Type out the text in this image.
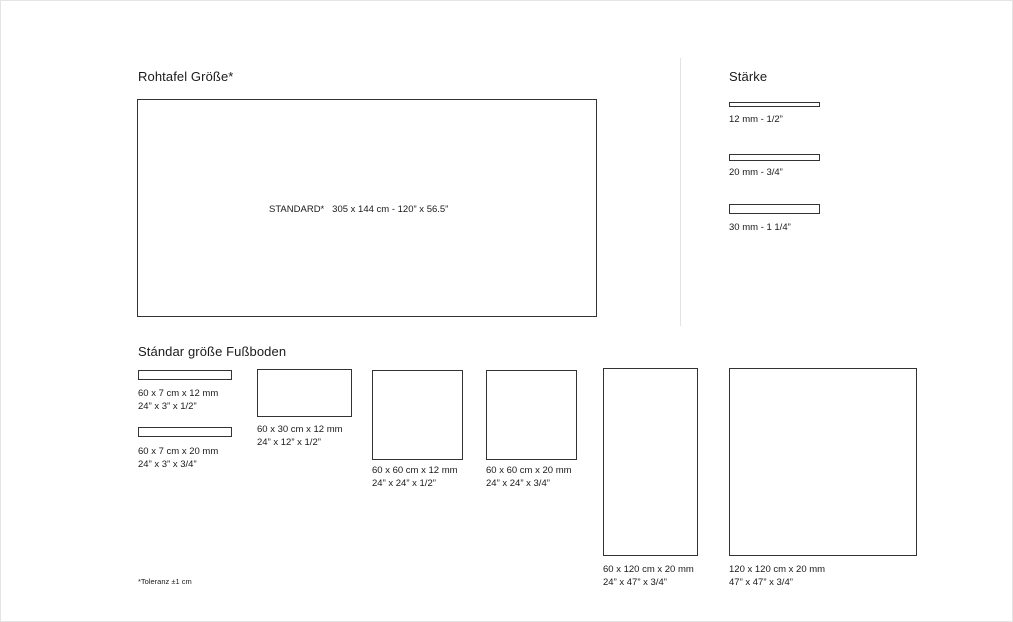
Rohtafel Größe*
STANDARD* 305 x 144 cm - 120” x 56.5”
Stärke
12 mm - 1/2”
20 mm - 3/4”
30 mm - 1 1/4”
Stándar größe Fußboden
60 x 7 cm x 12 mm
24” x 3” x 1/2”
60 x 7 cm x 20 mm
24” x 3” x 3/4”
60 x 30 cm x 12 mm
24” x 12” x 1/2”
60 x 60 cm x 12 mm
24” x 24” x 1/2”
60 x 60 cm x 20 mm
24” x 24” x 3/4”
60 x 120 cm x 20 mm
24” x 47” x 3/4”
120 x 120 cm x 20 mm
47” x 47” x 3/4”
*Toleranz ±1 cm
